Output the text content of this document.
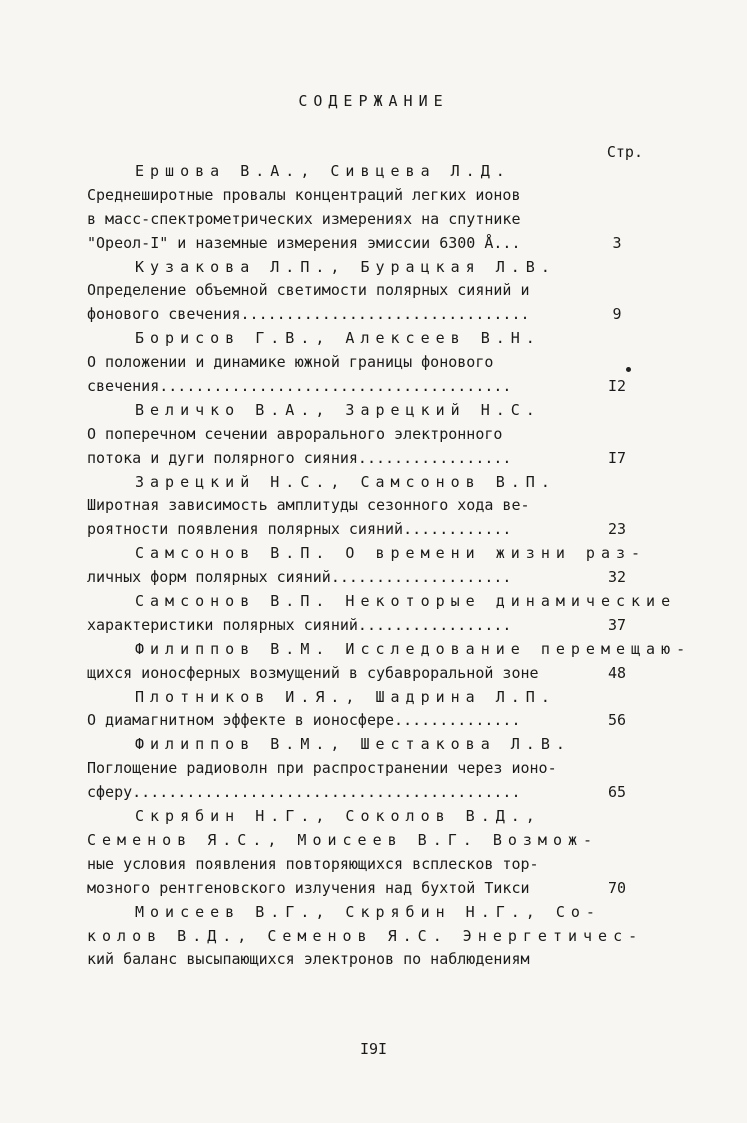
СОДЕРЖАНИЕ
Стр.
Ершова В.А., Сивцева Л.Д.
Среднеширотные провалы концентраций легких ионов
в масс-спектрометрических измерениях на спутнике
"Ореол-I" и наземные измерения эмиссии 6300 Å...	3
Кузакова Л.П., Бурацкая Л.В.
Определение объемной светимости полярных сияний и
фонового свечения................................	9
Борисов Г.В., Алексеев В.Н.
О положении и динамике южной границы фонового
свечения.......................................	I2
Величко В.А., Зарецкий Н.С.
О поперечном сечении аврорального электронного
потока и дуги полярного сияния.................	I7
Зарецкий Н.С., Самсонов В.П.
Широтная зависимость амплитуды сезонного хода ве-
роятности появления полярных сияний............	23
Самсонов В.П. О времени жизни раз-
личных форм полярных сияний....................	32
Самсонов В.П. Некоторые динамические
характеристики полярных сияний.................	37
Филиппов В.М. Исследование перемещаю-
щихся ионосферных возмущений в субавроральной зоне	48
Плотников И.Я., Шадрина Л.П.
О диамагнитном эффекте в ионосфере..............	56
Филиппов В.М., Шестакова Л.В.
Поглощение радиоволн при распространении через ионо-
сферу...........................................	65
Скрябин Н.Г., Соколов В.Д.,
Семенов Я.С., Моисеев В.Г. Возмож-
ные условия появления повторяющихся всплесков тор-
мозного рентгеновского излучения над бухтой Тикси	70
Моисеев В.Г., Скрябин Н.Г., Со-
колов В.Д., Семенов Я.С. Энергетичес-
кий баланс высыпающихся электронов по наблюдениям
I9I
